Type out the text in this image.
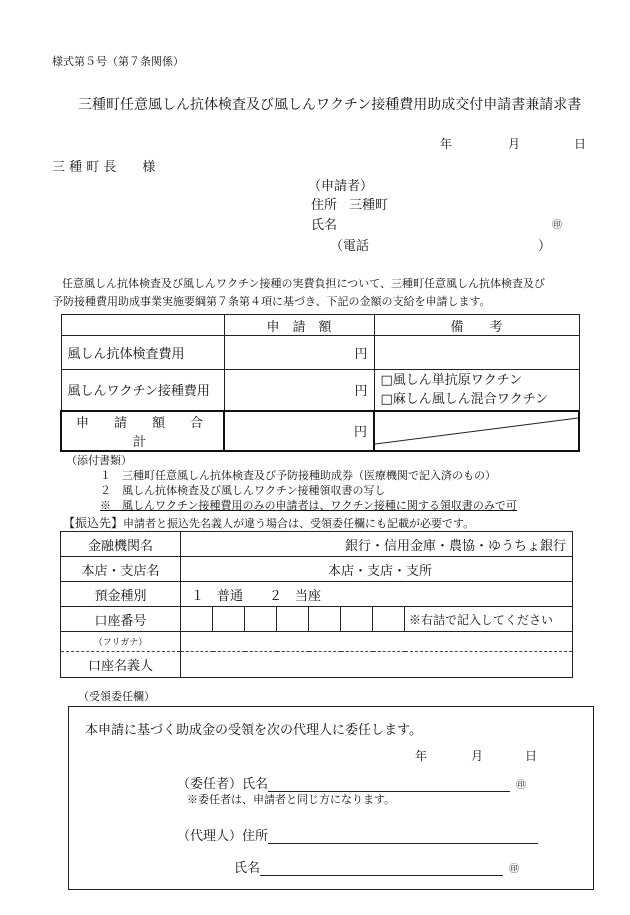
様式第５号（第７条関係）
三種町任意風しん抗体検査及び風しんワクチン接種費用助成交付申請書兼請求書
年	月	日
三 種 町 長　　様
（申請者）
住所 三種町
氏名	㊞
（電話	）
任意風しん抗体検査及び風しんワクチン接種の実費負担について、三種町任意風しん抗体検査及び
予防接種費用助成事業実施要綱第７条第４項に基づき、下記の金額の支給を申請します。
	申　請　額	備　　考
風しん抗体検査費用	円	
風しんワクチン接種費用	円	□風しん単抗原ワクチン
□麻しん風しん混合ワクチン

申　請　額　合　計	円	
（添付書類）
１　三種町任意風しん抗体検査及び予防接種助成券（医療機関で記入済のもの）
２　風しん抗体検査及び風しんワクチン接種領収書の写し
※　風しんワクチン接種費用のみの申請者は、ワクチン接種に関する領収書のみで可
【振込先】申請者と振込先名義人が違う場合は、受領委任欄にも記載が必要です。
金融機関名	銀行・信用金庫・農協・ゆうちょ銀行							
本店・支店名	本店・支店・支所							
預金種別	１　普通　　２　当座							
口座番号								※右詰で記入してください
（フリガナ）								
口座名義人								
（受領委任欄）
本申請に基づく助成金の受領を次の代理人に委任します。
年	月	日
（委任者）氏名	㊞
※委任者は、申請者と同じ方になります。
（代理人）住所
氏名	㊞
